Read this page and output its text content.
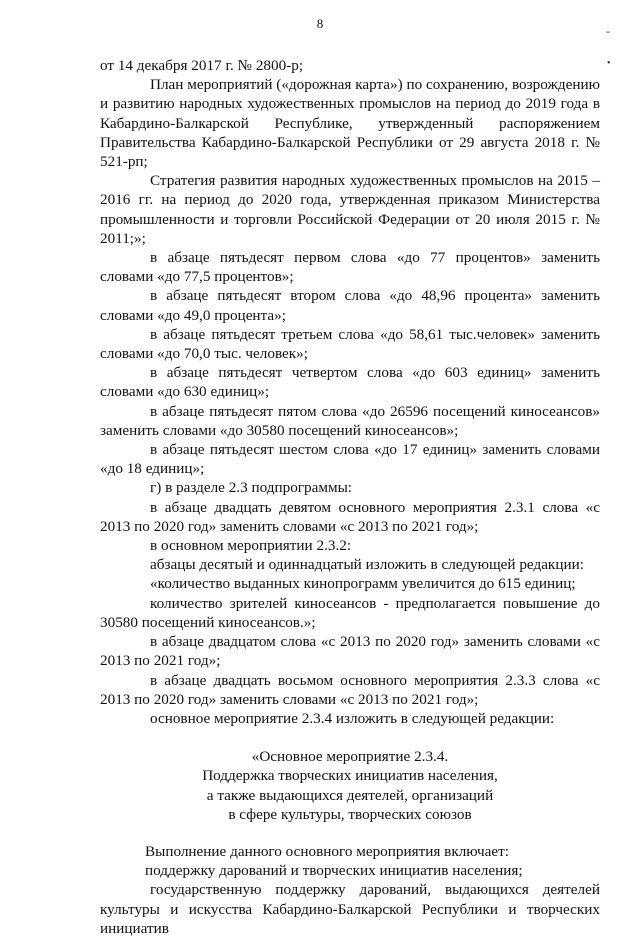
8	-
•

от 14 декабря 2017 г. № 2800-р;

План мероприятий («дорожная карта») по сохранению, возрождению и развитию народных художественных промыслов на период до 2019 года в Кабардино-Балкарской Республике, утвержденный распоряжением Правительства Кабардино-Балкарской Республики от 29 августа 2018 г. № 521-рп;

Стратегия развития народных художественных промыслов на 2015 – 2016 гг. на период до 2020 года, утвержденная приказом Министерства промышленности и торговли Российской Федерации от 20 июля 2015 г. № 2011;»;

в абзаце пятьдесят первом слова «до 77 процентов» заменить словами «до 77,5 процентов»;

в абзаце пятьдесят втором слова «до 48,96 процента» заменить словами «до 49,0 процента»;

в абзаце пятьдесят третьем слова «до 58,61 тыс.человек» заменить словами «до 70,0 тыс. человек»;

в абзаце пятьдесят четвертом слова «до 603 единиц» заменить словами «до 630 единиц»;

в абзаце пятьдесят пятом слова «до 26596 посещений киносеансов» заменить словами «до 30580 посещений киносеансов»;

в абзаце пятьдесят шестом слова «до 17 единиц» заменить словами «до 18 единиц»;

г) в разделе 2.3 подпрограммы:

в абзаце двадцать девятом основного мероприятия 2.3.1 слова «с 2013 по 2020 год» заменить словами «с 2013 по 2021 год»;

в основном мероприятии 2.3.2:

абзацы десятый и одиннадцатый изложить в следующей редакции:

«количество выданных кинопрограмм увеличится до 615 единиц;

количество зрителей киносеансов - предполагается повышение до 30580 посещений киносеансов.»;

в абзаце двадцатом слова «с 2013 по 2020 год» заменить словами «с 2013 по 2021 год»;

в абзаце двадцать восьмом основного мероприятия 2.3.3 слова «с 2013 по 2020 год» заменить словами «с 2013 по 2021 год»;

основное мероприятие 2.3.4 изложить в следующей редакции:

«Основное мероприятие 2.3.4.
Поддержка творческих инициатив населения,
а также выдающихся деятелей, организаций
в сфере культуры, творческих союзов

Выполнение данного основного мероприятия включает:

поддержку дарований и творческих инициатив населения;

государственную поддержку дарований, выдающихся деятелей культуры и искусства Кабардино-Балкарской Республики и творческих инициатив
